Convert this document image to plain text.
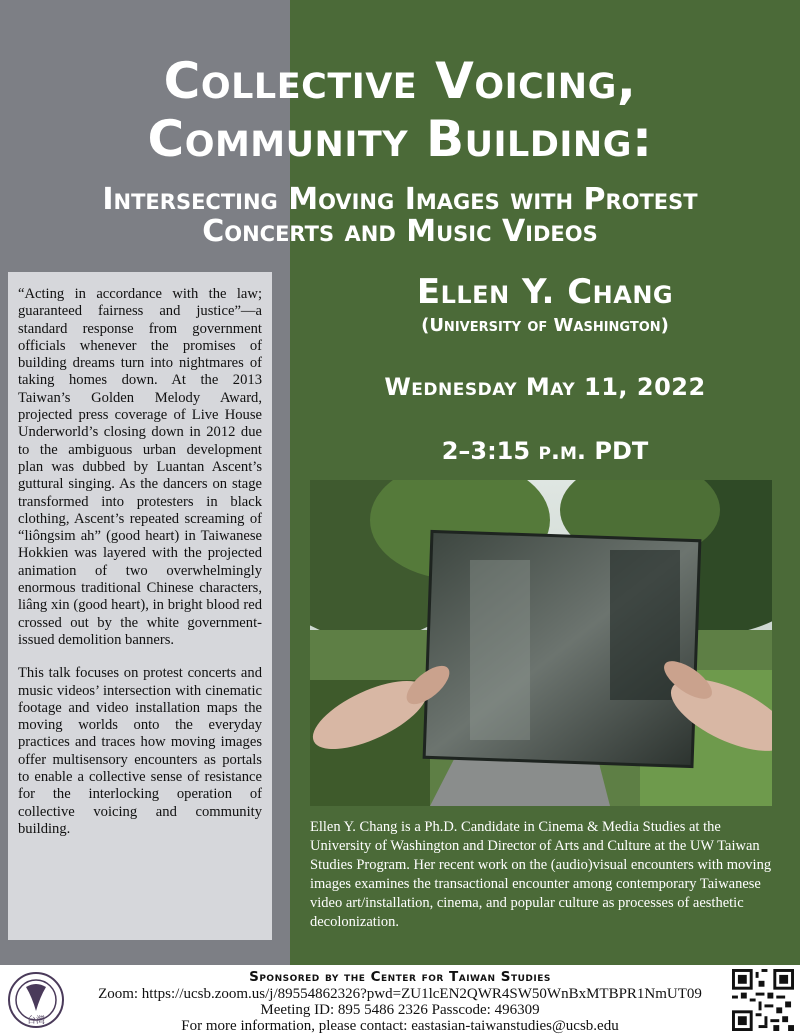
Collective Voicing,
Community Building:
Intersecting Moving Images with Protest
Concerts and Music Videos

“Acting in accordance with the law; guaranteed fairness and justice”—a standard response from government officials whenever the promises of building dreams turn into nightmares of taking homes down. At the 2013 Taiwan’s Golden Melody Award, projected press coverage of Live House Underworld’s closing down in 2012 due to the ambiguous urban development plan was dubbed by Luantan Ascent’s guttural singing. As the dancers on stage transformed into protesters in black clothing, Ascent’s repeated screaming of “liôngsim ah” (good heart) in Taiwanese Hokkien was layered with the projected animation of two overwhelmingly enormous traditional Chinese characters, liâng xin (good heart), in bright blood red crossed out by the white government-issued demolition banners.

This talk focuses on protest concerts and music videos’ intersection with cinematic footage and video installation maps the moving worlds onto the everyday practices and traces how moving images offer multisensory encounters as portals to enable a collective sense of resistance for the interlocking operation of collective voicing and community building.

Ellen Y. Chang
(University of Washington)
Wednesday May 11, 2022
2–3:15 p.m. PDT

Ellen Y. Chang is a Ph.D. Candidate in Cinema & Media Studies at the University of Washington and Director of Arts and Culture at the UW Taiwan Studies Program. Her recent work on the (audio)visual encounters with moving images examines the transactional encounter among contemporary Taiwanese video art/installation, cinema, and popular culture as processes of aesthetic decolonization.

台灣
Sponsored by the Center for Taiwan Studies
Zoom: https://ucsb.zoom.us/j/89554862326?pwd=ZU1lcEN2QWR4SW50WnBxMTBPR1NmUT09
Meeting ID: 895 5486 2326 Passcode: 496309
For more information, please contact: eastasian-taiwanstudies@ucsb.edu
